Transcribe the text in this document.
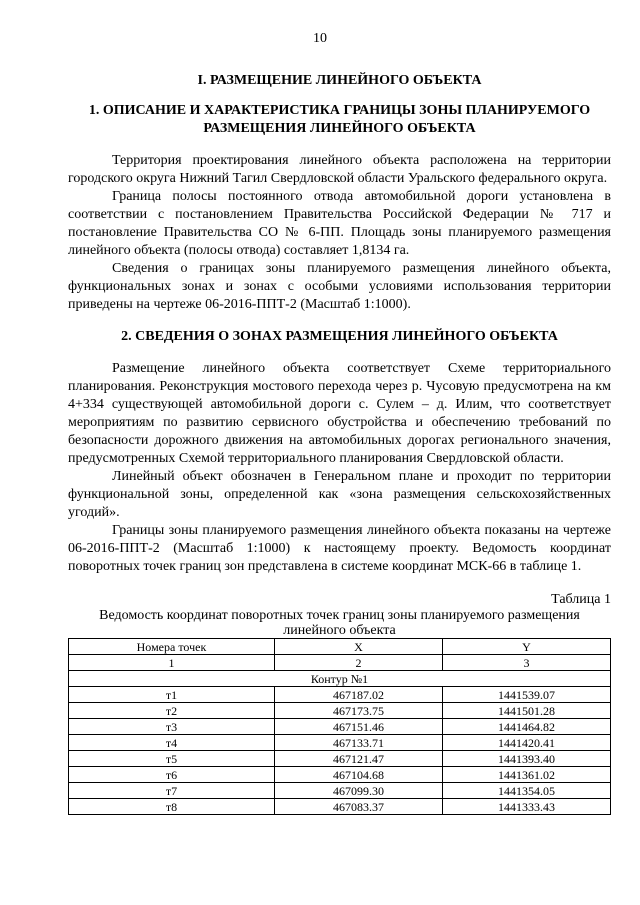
10
I. РАЗМЕЩЕНИЕ ЛИНЕЙНОГО ОБЪЕКТА
1. ОПИСАНИЕ И ХАРАКТЕРИСТИКА ГРАНИЦЫ ЗОНЫ ПЛАНИРУЕМОГО РАЗМЕЩЕНИЯ ЛИНЕЙНОГО ОБЪЕКТА

Территория проектирования линейного объекта расположена на территории городского округа Нижний Тагил Свердловской области Уральского федерального округа.

Граница полосы постоянного отвода автомобильной дороги установлена в соответствии с постановлением Правительства Российской Федерации № 717 и постановление Правительства СО № 6-ПП. Площадь зоны планируемого размещения линейного объекта (полосы отвода) составляет 1,8134 га.

Сведения о границах зоны планируемого размещения линейного объекта, функциональных зонах и зонах с особыми условиями использования территории приведены на чертеже 06-2016-ППТ-2 (Масштаб 1:1000).

2. СВЕДЕНИЯ О ЗОНАХ РАЗМЕЩЕНИЯ ЛИНЕЙНОГО ОБЪЕКТА

Размещение линейного объекта соответствует Схеме территориального планирования. Реконструкция мостового перехода через р. Чусовую предусмотрена на км 4+334 существующей автомобильной дороги с. Сулем – д. Илим, что соответствует мероприятиям по развитию сервисного обустройства и обеспечению требований по безопасности дорожного движения на автомобильных дорогах регионального значения, предусмотренных Схемой территориального планирования Свердловской области.

Линейный объект обозначен в Генеральном плане и проходит по территории функциональной зоны, определенной как «зона размещения сельскохозяйственных угодий».

Границы зоны планируемого размещения линейного объекта показаны на чертеже 06-2016-ППТ-2 (Масштаб 1:1000) к настоящему проекту. Ведомость координат поворотных точек границ зон представлена в системе координат МСК-66 в таблице 1.

Таблица 1

Ведомость координат поворотных точек границ зоны планируемого размещения линейного объекта

Номера точек	X	Y
1	2	3
Контур №1		
т1	467187.02	1441539.07
т2	467173.75	1441501.28
т3	467151.46	1441464.82
т4	467133.71	1441420.41
т5	467121.47	1441393.40
т6	467104.68	1441361.02
т7	467099.30	1441354.05
т8	467083.37	1441333.43
